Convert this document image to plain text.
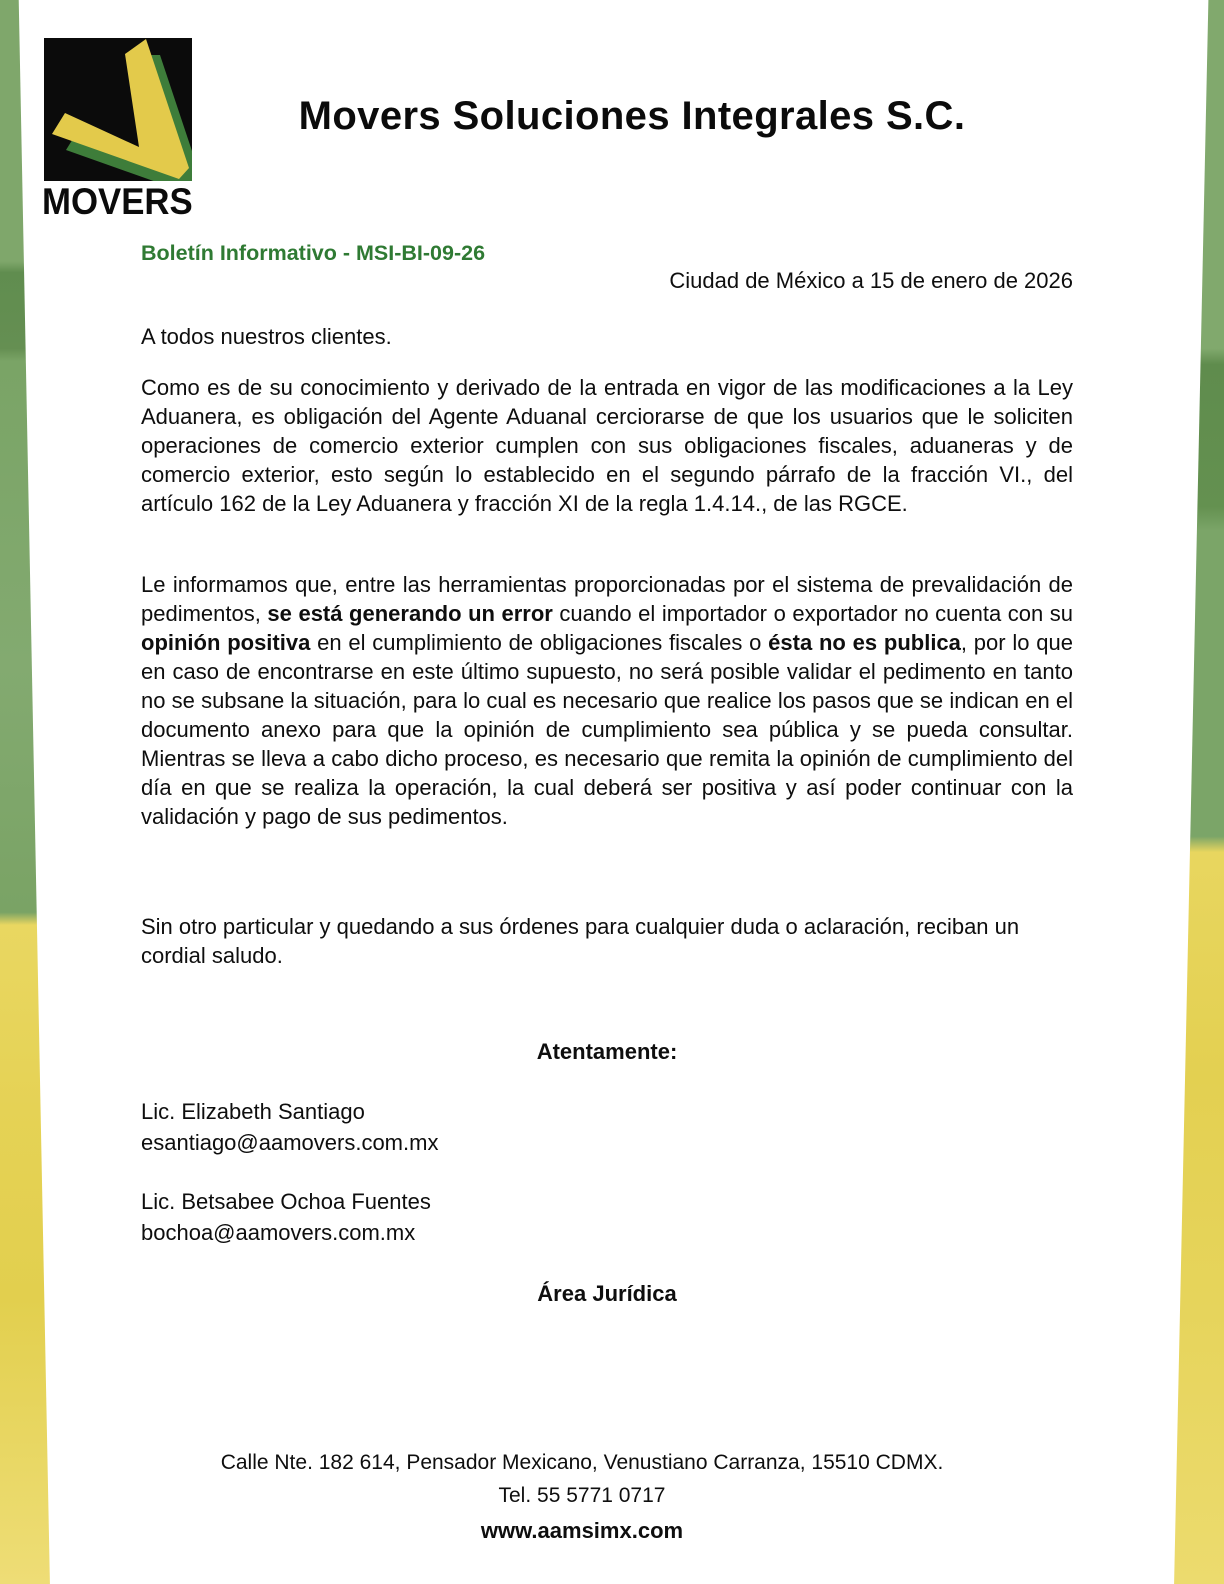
MOVERS
Movers Soluciones Integrales S.C.
Boletín Informativo - MSI-BI-09-26
Ciudad de México a 15 de enero de 2026
A todos nuestros clientes.
Como es de su conocimiento y derivado de la entrada en vigor de las modificaciones a la Ley Aduanera, es obligación del Agente Aduanal cerciorarse de que los usuarios que le soliciten operaciones de comercio exterior cumplen con sus obligaciones fiscales, aduaneras y de comercio exterior, esto según lo establecido en el segundo párrafo de la fracción VI., del artículo 162 de la Ley Aduanera y fracción XI de la regla 1.4.14., de las RGCE.
Le informamos que, entre las herramientas proporcionadas por el sistema de prevalidación de pedimentos, se está generando un error cuando el importador o exportador no cuenta con su opinión positiva en el cumplimiento de obligaciones fiscales o ésta no es publica, por lo que en caso de encontrarse en este último supuesto, no será posible validar el pedimento en tanto no se subsane la situación, para lo cual es necesario que realice los pasos que se indican en el documento anexo para que la opinión de cumplimiento sea pública y se pueda consultar. Mientras se lleva a cabo dicho proceso, es necesario que remita la opinión de cumplimiento del día en que se realiza la operación, la cual deberá ser positiva y así poder continuar con la validación y pago de sus pedimentos.
Sin otro particular y quedando a sus órdenes para cualquier duda o aclaración, reciban un cordial saludo.
Atentamente:
Lic. Elizabeth Santiago
esantiago@aamovers.com.mx
Lic. Betsabee Ochoa Fuentes
bochoa@aamovers.com.mx
Área Jurídica
Calle Nte. 182 614, Pensador Mexicano, Venustiano Carranza, 15510 CDMX.
Tel. 55 5771 0717
www.aamsimx.com
